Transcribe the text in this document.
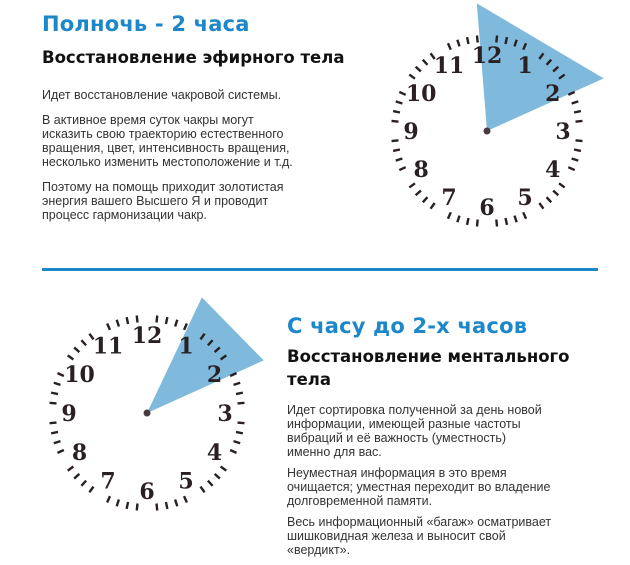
Полночь - 2 часа
Восстановление эфирного тела

Идет восстановление чакровой системы.

В активное время суток чакры могут
исказить свою траекторию естественного
вращения, цвет, интенсивность вращения,
несколько изменить местоположение и т.д.

Поэтому на помощь приходит золотистая
энергия вашего Высшего Я и проводит
процесс гармонизации чакр.

12 1
2
3
4
5
6
7
8
9
10
11
12 1
2
3
4
5
6
7
8
9
10
11
С часу до 2-х часов
Восстановление ментального
тела

Идет сортировка полученной за день новой
информации, имеющей разные частоты
вибраций и её важность (уместность)
именно для вас.

Неуместная информация в это время
очищается; уместная переходит во владение
долговременной памяти.

Весь информационный «багаж» осматривает
шишковидная железа и выносит свой
«вердикт».
